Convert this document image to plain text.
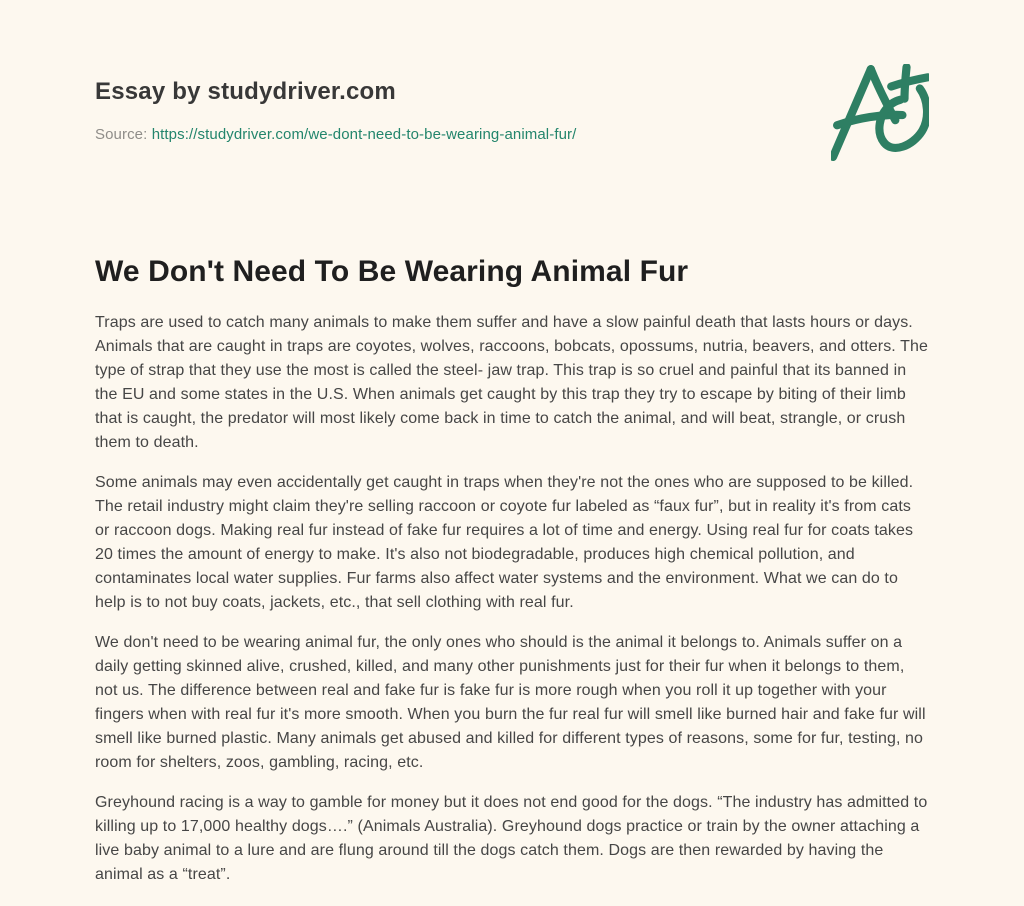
Essay by studydriver.com
Source: https://studydriver.com/we-dont-need-to-be-wearing-animal-fur/
We Don't Need To Be Wearing Animal Fur

Traps are used to catch many animals to make them suffer and have a slow painful death that lasts hours or days. Animals that are caught in traps are coyotes, wolves, raccoons, bobcats, opossums, nutria, beavers, and otters. The type of strap that they use the most is called the steel- jaw trap. This trap is so cruel and painful that its banned in the EU and some states in the U.S. When animals get caught by this trap they try to escape by biting of their limb that is caught, the predator will most likely come back in time to catch the animal, and will beat, strangle, or crush them to death.

Some animals may even accidentally get caught in traps when they're not the ones who are supposed to be killed. The retail industry might claim they're selling raccoon or coyote fur labeled as “faux fur”, but in reality it's from cats or raccoon dogs. Making real fur instead of fake fur requires a lot of time and energy. Using real fur for coats takes 20 times the amount of energy to make. It's also not biodegradable, produces high chemical pollution, and contaminates local water supplies. Fur farms also affect water systems and the environment. What we can do to help is to not buy coats, jackets, etc., that sell clothing with real fur.

We don't need to be wearing animal fur, the only ones who should is the animal it belongs to. Animals suffer on a daily getting skinned alive, crushed, killed, and many other punishments just for their fur when it belongs to them, not us. The difference between real and fake fur is fake fur is more rough when you roll it up together with your fingers when with real fur it's more smooth. When you burn the fur real fur will smell like burned hair and fake fur will smell like burned plastic. Many animals get abused and killed for different types of reasons, some for fur, testing, no room for shelters, zoos, gambling, racing, etc.

Greyhound racing is a way to gamble for money but it does not end good for the dogs. “The industry has admitted to killing up to 17,000 healthy dogs….” (Animals Australia). Greyhound dogs practice or train by the owner attaching a live baby animal to a lure and are flung around till the dogs catch them. Dogs are then rewarded by having the animal as a “treat”.
